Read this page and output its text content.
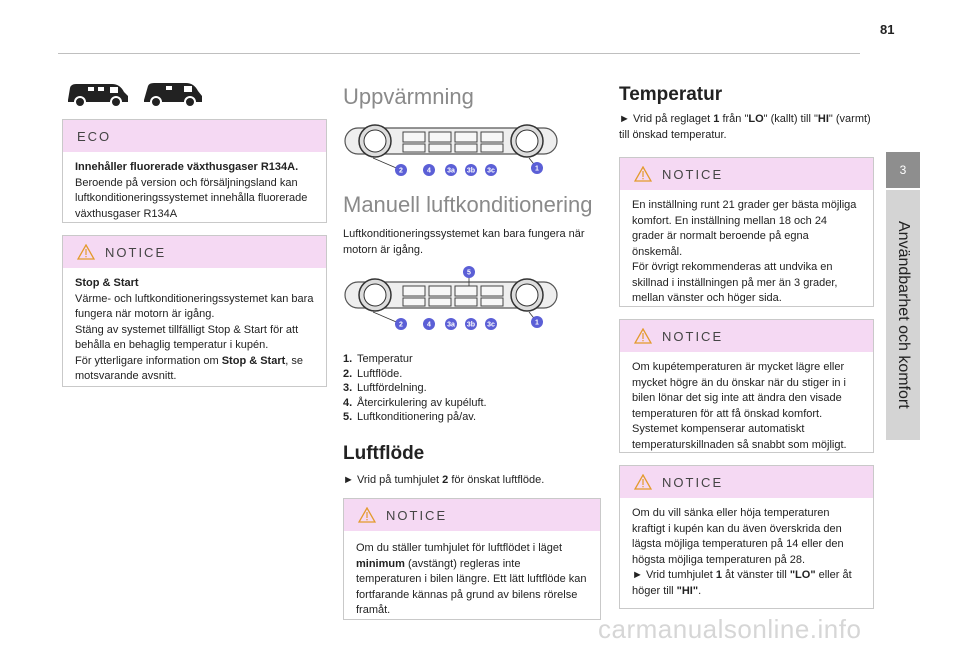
81
3
Användbarhet och komfort
ECO
Innehåller fluorerade växthusgaser R134A.
Beroende på version och försäljningsland kan luftkonditioneringssystemet innehålla fluorerade växthusgaser R134A
NOTICE
Stop & Start
Värme- och luftkonditioneringssystemet kan bara fungera när motorn är igång.
Stäng av systemet tillfälligt Stop & Start för att behålla en behaglig temperatur i kupén.
För ytterligare information om Stop & Start, se motsvarande avsnitt.
Uppvärmning
2	4 3a 3b 3c	1
Manuell luftkonditionering
Luftkonditioneringssystemet kan bara fungera när motorn är igång.
5
2	4 3a 3b 3c	1
1. Temperatur
2. Luftflöde.
3. Luftfördelning.
4. Återcirkulering av kupéluft.
5. Luftkonditionering på/av.
Luftflöde
► Vrid på tumhjulet 2 för önskat luftflöde.
NOTICE
Om du ställer tumhjulet för luftflödet i läget minimum (avstängt) regleras inte temperaturen i bilen längre. Ett lätt luftflöde kan fortfarande kännas på grund av bilens rörelse framåt.
Temperatur
► Vrid på reglaget 1 från "LO" (kallt) till "HI" (varmt) till önskad temperatur.
NOTICE
En inställning runt 21 grader ger bästa möjliga komfort. En inställning mellan 18 och 24 grader är normalt beroende på egna önskemål.
För övrigt rekommenderas att undvika en skillnad i inställningen på mer än 3 grader, mellan vänster och höger sida.
NOTICE
Om kupétemperaturen är mycket lägre eller mycket högre än du önskar när du stiger in i bilen lönar det sig inte att ändra den visade temperaturen för att få önskad komfort.
Systemet kompenserar automatiskt temperaturskillnaden så snabbt som möjligt.
NOTICE
Om du vill sänka eller höja temperaturen kraftigt i kupén kan du även överskrida den lägsta möjliga temperaturen på 14 eller den högsta möjliga temperaturen på 28.
► Vrid tumhjulet 1 åt vänster till "LO" eller åt höger till "HI".
carmanualsonline.info
